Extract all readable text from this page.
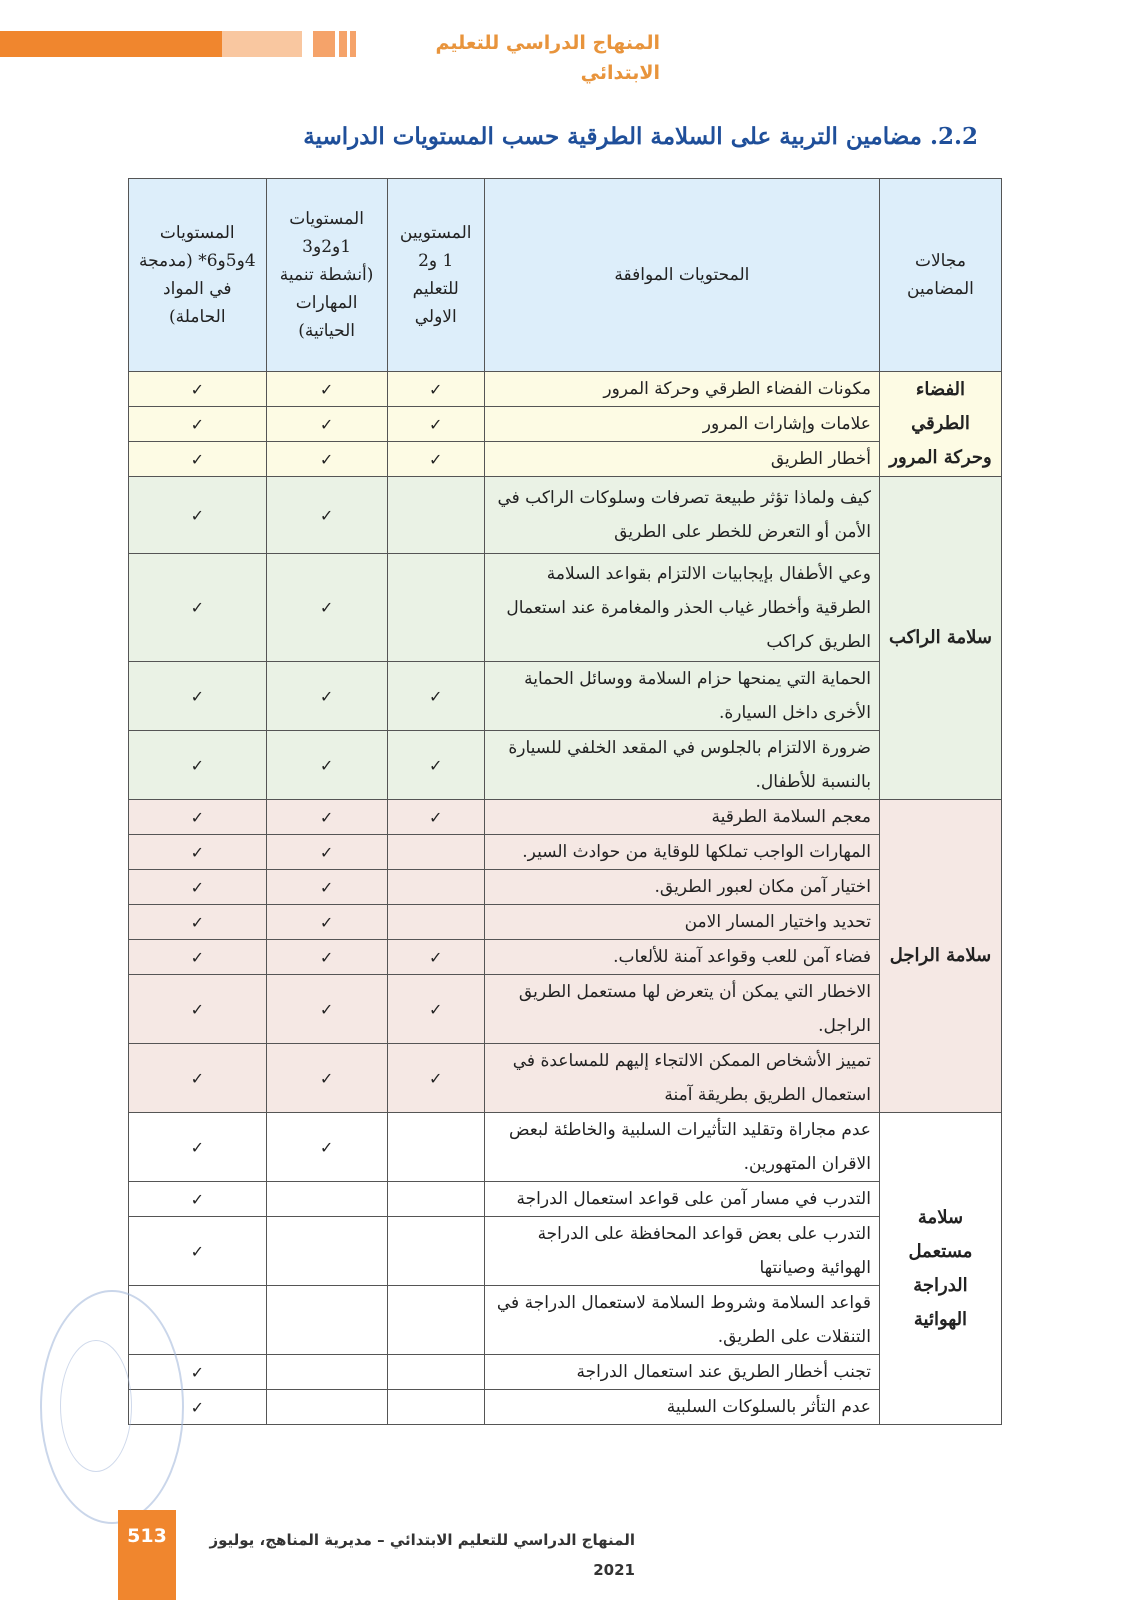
المنهاج الدراسي للتعليم الابتدائي
2.2. مضامين التربية على السلامة الطرقية حسب المستويات الدراسية
مجالات المضامين	المحتويات الموافقة	المستويين 1 و2 للتعليم الاولي	المستويات 1و2و3 (أنشطة تنمية المهارات الحياتية)	المستويات 4و5و6* (مدمجة في المواد الحاملة)
الفضاء الطرقي وحركة المرور	مكونات الفضاء الطرقي وحركة المرور	✓	✓	✓
	علامات وإشارات المرور	✓	✓	✓
	أخطار الطريق	✓	✓	✓
سلامة الراكب	كيف ولماذا تؤثر طبيعة تصرفات وسلوكات الراكب في الأمن أو التعرض للخطر على الطريق		✓	✓
	وعي الأطفال بإيجابيات الالتزام بقواعد السلامة الطرقية وأخطار غياب الحذر والمغامرة عند استعمال الطريق كراكب		✓	✓
	الحماية التي يمنحها حزام السلامة ووسائل الحماية الأخرى داخل السيارة.	✓	✓	✓
	ضرورة الالتزام بالجلوس في المقعد الخلفي للسيارة بالنسبة للأطفال.	✓	✓	✓
سلامة الراجل	معجم السلامة الطرقية	✓	✓	✓
	المهارات الواجب تملكها للوقاية من حوادث السير.		✓	✓
	اختيار آمن مكان لعبور الطريق.		✓	✓
	تحديد واختيار المسار الامن		✓	✓
	فضاء آمن للعب وقواعد آمنة للألعاب.	✓	✓	✓
	الاخطار التي يمكن أن يتعرض لها مستعمل الطريق الراجل.	✓	✓	✓
	تمييز الأشخاص الممكن الالتجاء إليهم للمساعدة في استعمال الطريق بطريقة آمنة	✓	✓	✓
سلامة مستعمل الدراجة الهوائية	عدم مجاراة وتقليد التأثيرات السلبية والخاطئة لبعض الاقران المتهورين.		✓	✓
	التدرب في مسار آمن على قواعد استعمال الدراجة			✓
	التدرب على بعض قواعد المحافظة على الدراجة الهوائية وصيانتها			✓
	قواعد السلامة وشروط السلامة لاستعمال الدراجة في التنقلات على الطريق.			
	تجنب أخطار الطريق عند استعمال الدراجة			✓
	عدم التأثر بالسلوكات السلبية			✓
513	المنهاج الدراسي للتعليم الابتدائي – مديرية المناهج، يوليوز 2021
